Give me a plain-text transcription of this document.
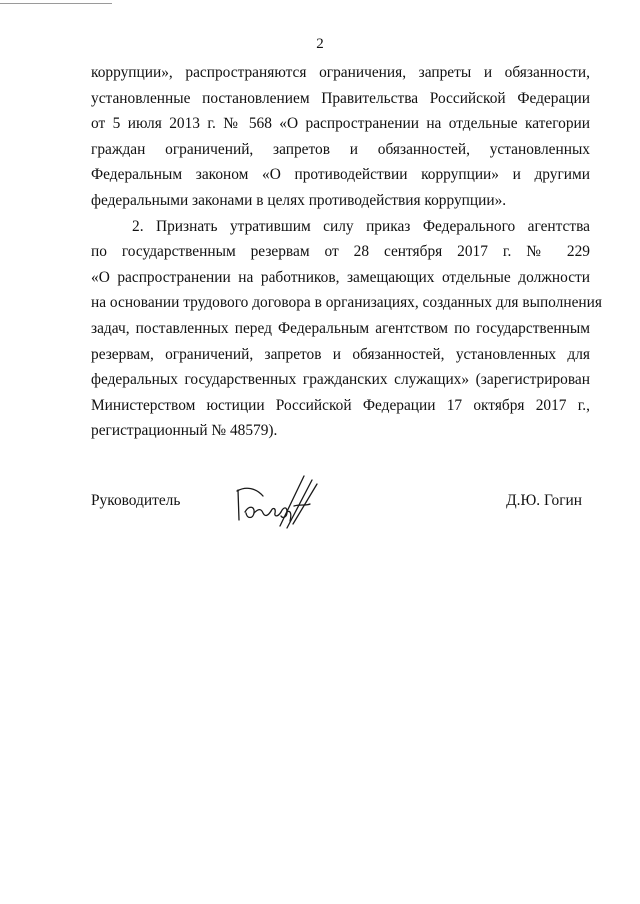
2
коррупции», распространяются ограничения, запреты и обязанности,
установленные постановлением Правительства Российской Федерации
от 5 июля 2013 г. № 568 «О распространении на отдельные категории
граждан ограничений, запретов и обязанностей, установленных
Федеральным законом «О противодействии коррупции» и другими
федеральными законами в целях противодействия коррупции».
2. Признать утратившим силу приказ Федерального агентства
по государственным резервам от 28 сентября 2017 г. № 229
«О распространении на работников, замещающих отдельные должности
на основании трудового договора в организациях, созданных для выполнения
задач, поставленных перед Федеральным агентством по государственным
резервам, ограничений, запретов и обязанностей, установленных для
федеральных государственных гражданских служащих» (зарегистрирован
Министерством юстиции Российской Федерации 17 октября 2017 г.,
регистрационный № 48579).
Руководитель	Д.Ю. Гогин
